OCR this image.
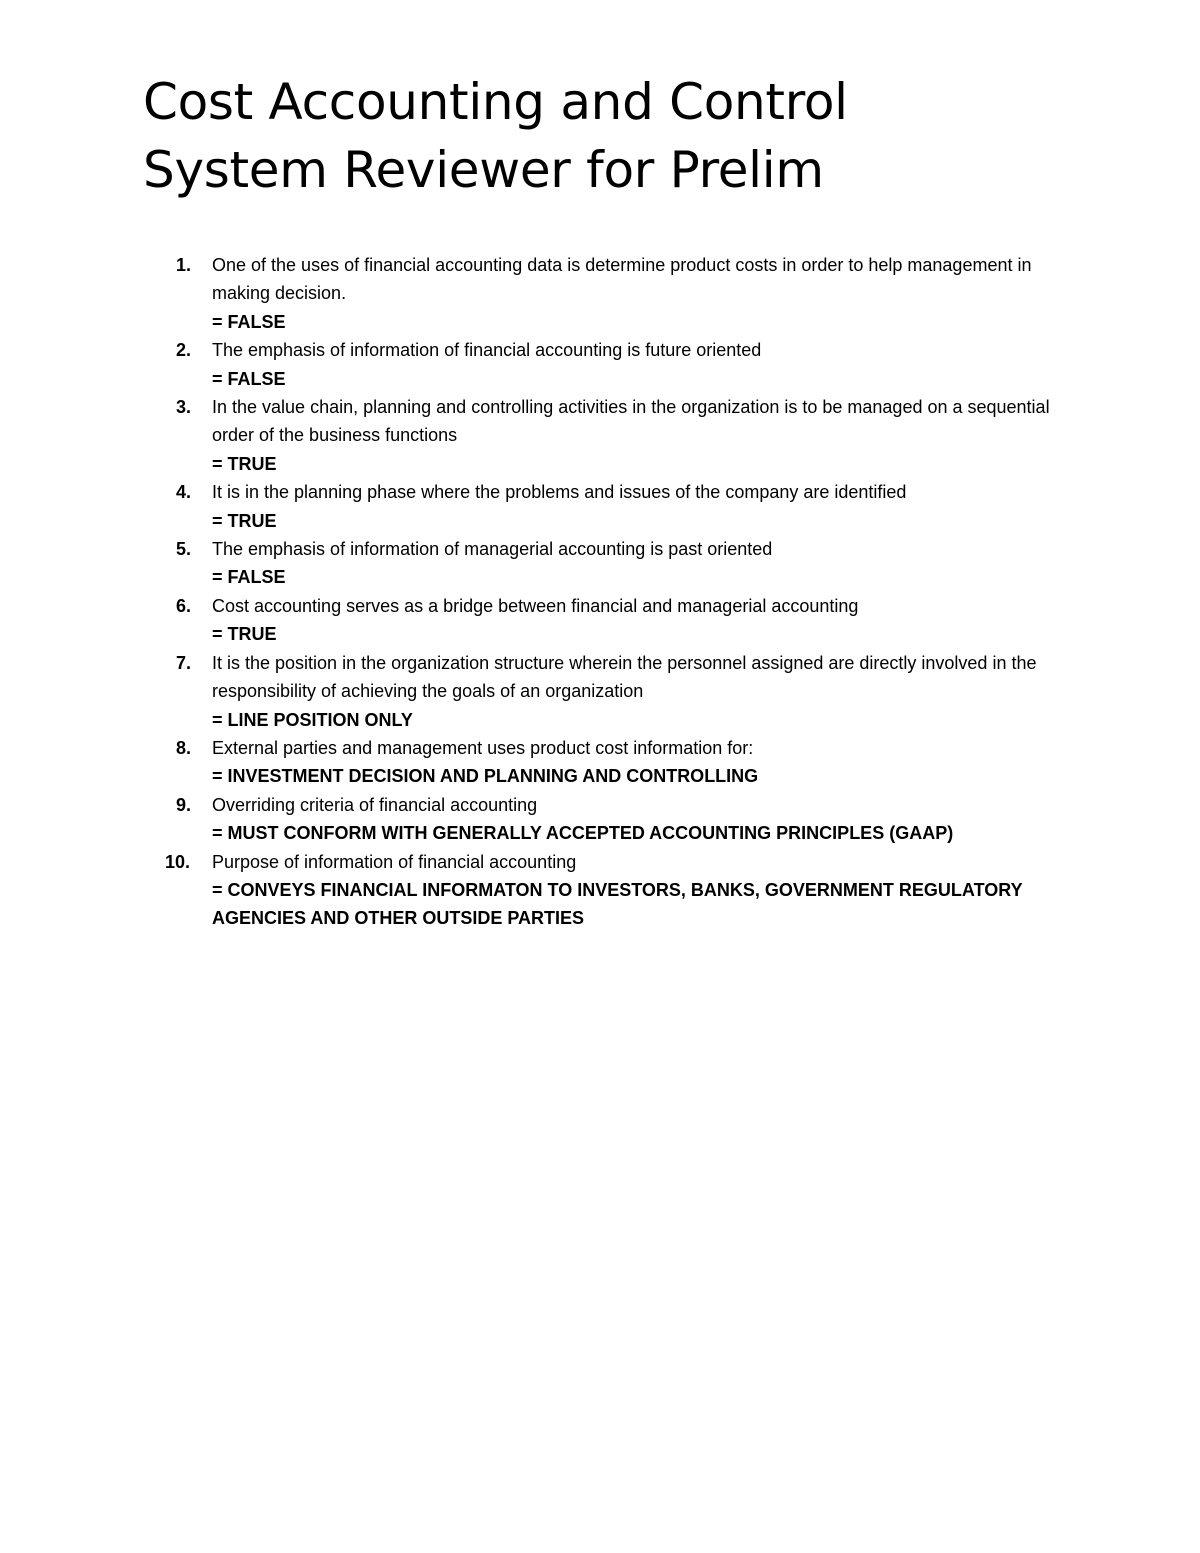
Cost Accounting and Control
System Reviewer for Prelim
1.	One of the uses of financial accounting data is determine product costs in order to help management in making decision.
= FALSE
2.	The emphasis of information of financial accounting is future oriented
= FALSE
3.	In the value chain, planning and controlling activities in the organization is to be managed on a sequential order of the business functions
= TRUE
4.	It is in the planning phase where the problems and issues of the company are identified
= TRUE
5.	The emphasis of information of managerial accounting is past oriented
= FALSE
6.	Cost accounting serves as a bridge between financial and managerial accounting
= TRUE
7.	It is the position in the organization structure wherein the personnel assigned are directly involved in the responsibility of achieving the goals of an organization
= LINE POSITION ONLY
8.	External parties and management uses product cost information for:
= INVESTMENT DECISION AND PLANNING AND CONTROLLING
9.	Overriding criteria of financial accounting
= MUST CONFORM WITH GENERALLY ACCEPTED ACCOUNTING PRINCIPLES (GAAP)
10. Purpose of information of financial accounting
= CONVEYS FINANCIAL INFORMATON TO INVESTORS, BANKS, GOVERNMENT REGULATORY AGENCIES AND OTHER OUTSIDE PARTIES
